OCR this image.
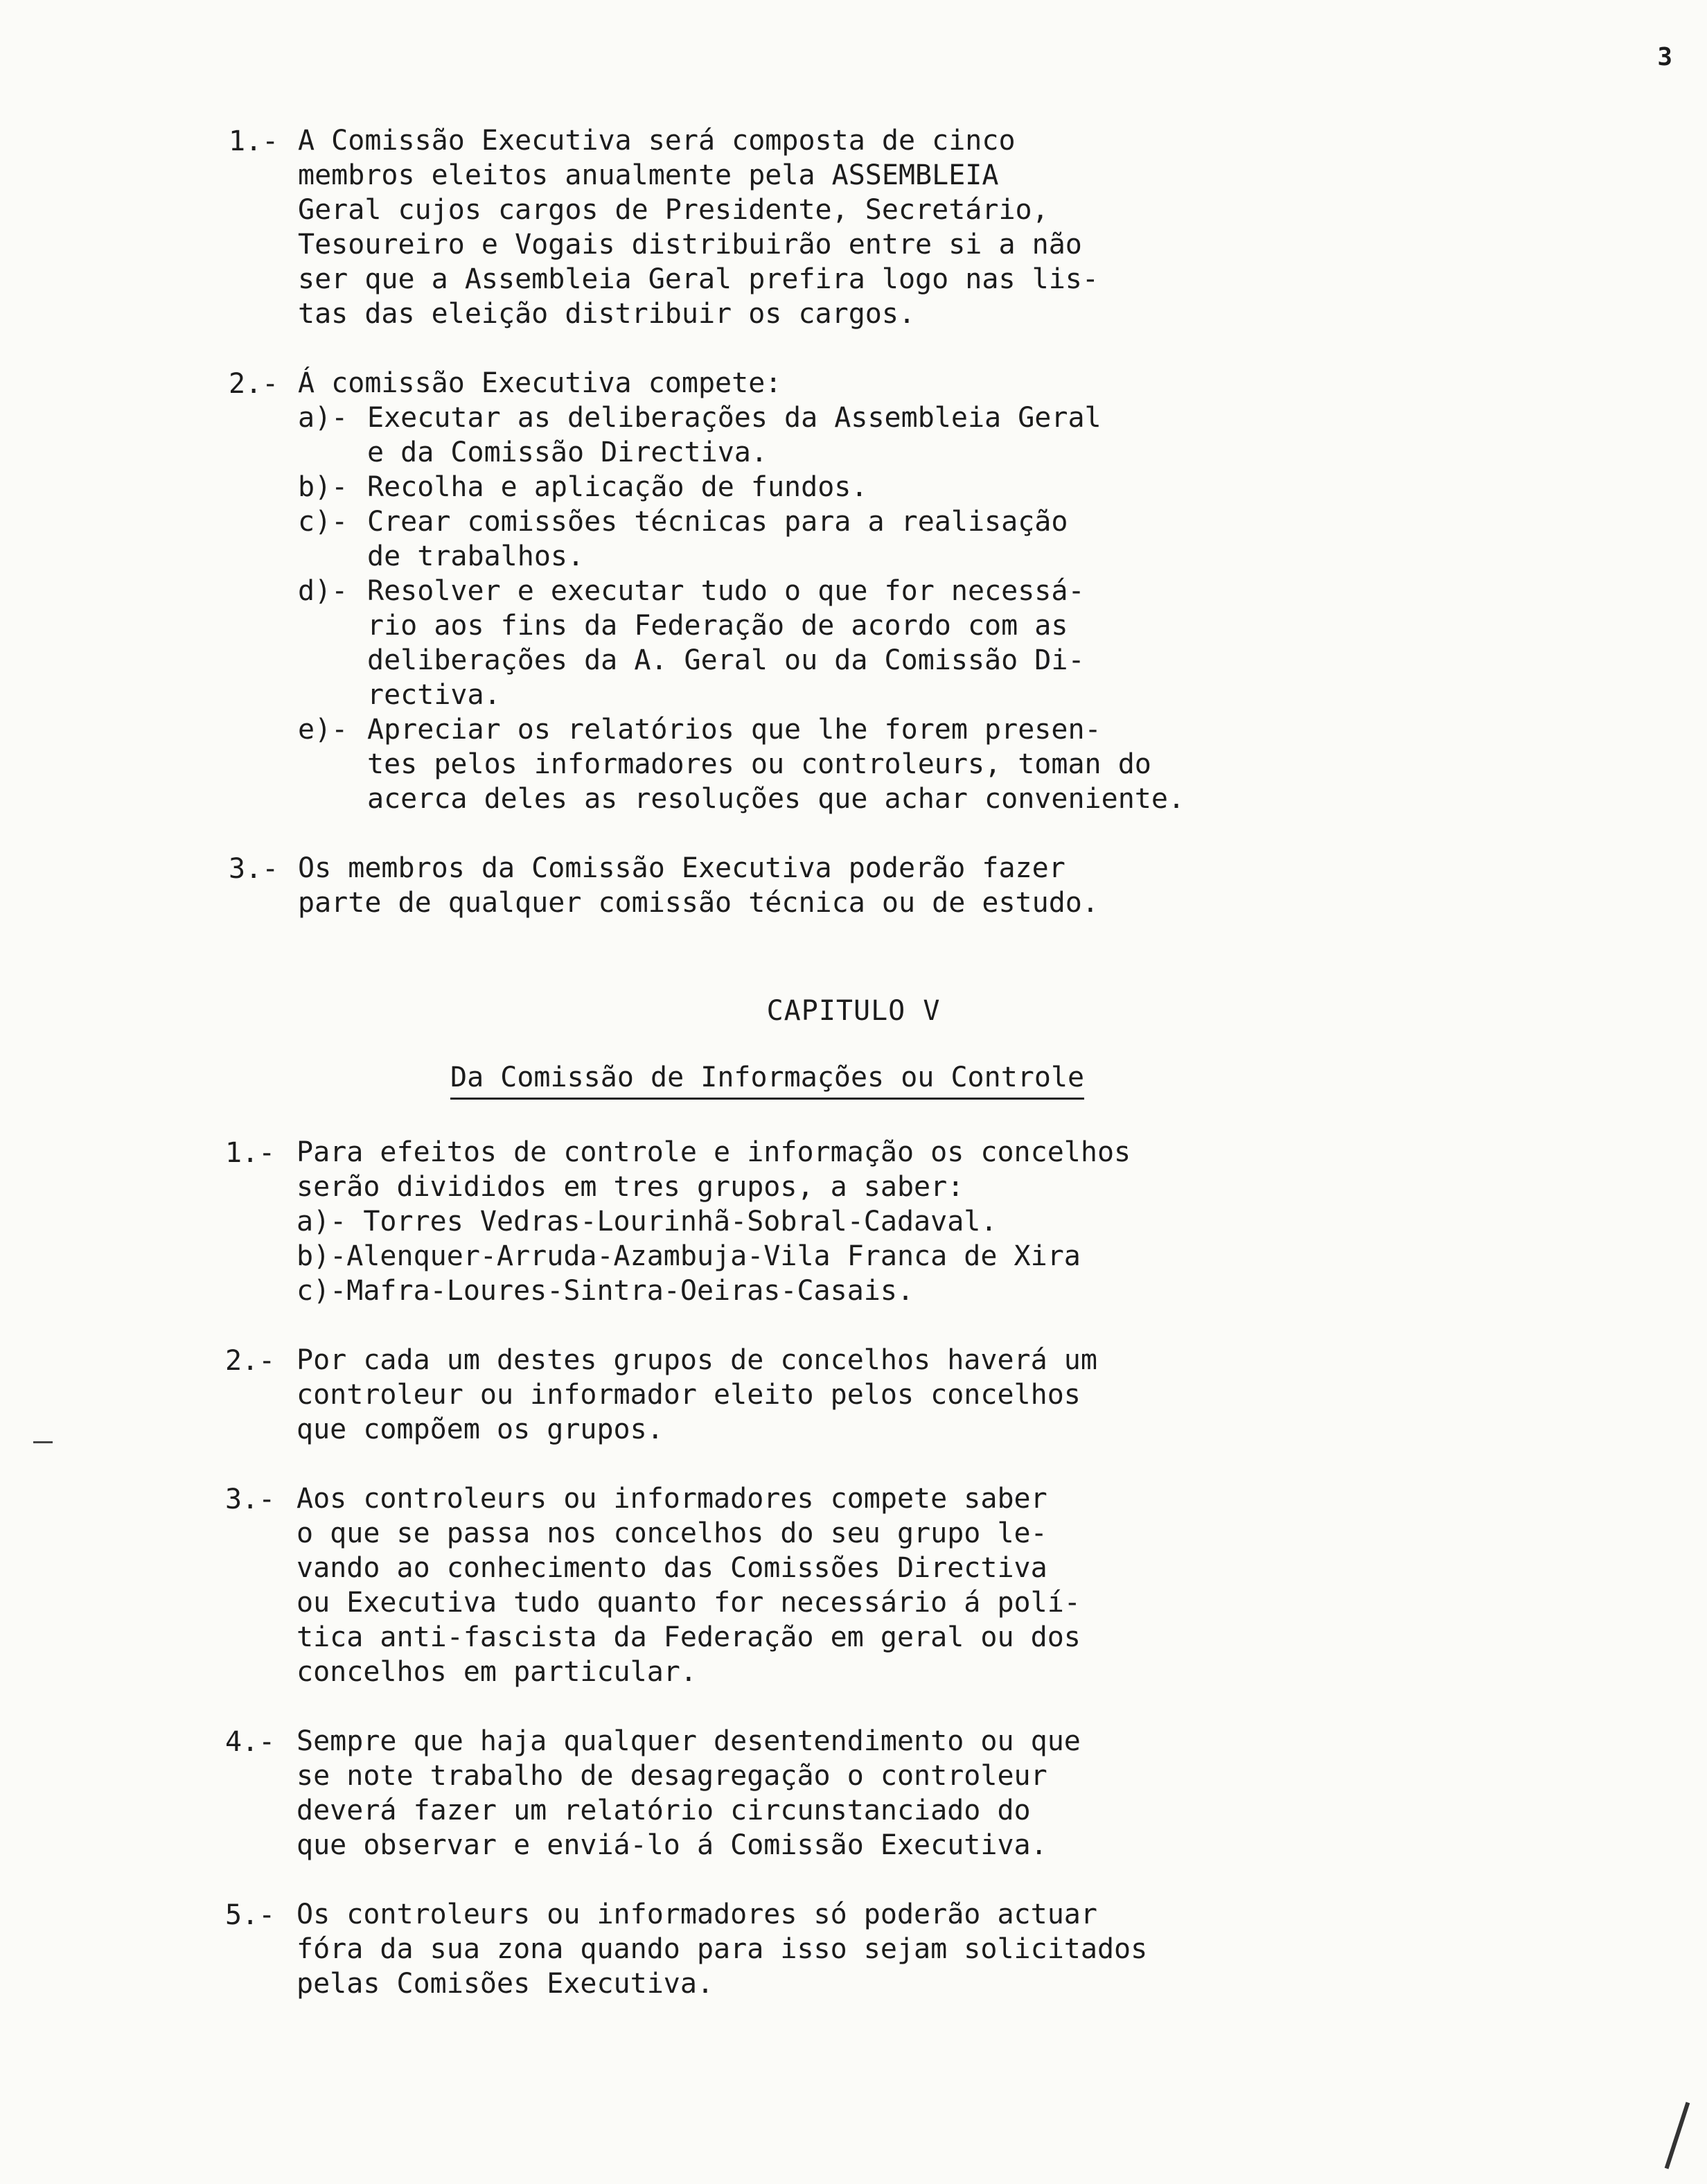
3
1.- A Comissão Executiva será composta de cinco
membros eleitos anualmente pela ASSEMBLEIA
Geral cujos cargos de Presidente, Secretário,
Tesoureiro e Vogais distribuirão entre si a não
ser que a Assembleia Geral prefira logo nas lis-
tas das eleição distribuir os cargos.
2.- Á comissão Executiva compete:
a)- Executar as deliberações da Assembleia Geral
e da Comissão Directiva.
b)- Recolha e aplicação de fundos.
c)- Crear comissões técnicas para a realisação
de trabalhos.
d)- Resolver e executar tudo o que for necessá-
rio aos fins da Federação de acordo com as
deliberações da A. Geral ou da Comissão Di-
rectiva.
e)- Apreciar os relatórios que lhe forem presen-
tes pelos informadores ou controleurs, toman do
acerca deles as resoluções que achar conveniente.
3.- Os membros da Comissão Executiva poderão fazer
parte de qualquer comissão técnica ou de estudo.
CAPITULO V
Da Comissão de Informações ou Controle
1.- Para efeitos de controle e informação os concelhos
serão divididos em tres grupos, a saber:
a)- Torres Vedras-Lourinhã-Sobral-Cadaval.
b)-Alenquer-Arruda-Azambuja-Vila Franca de Xira
c)-Mafra-Loures-Sintra-Oeiras-Casais.
2.- Por cada um destes grupos de concelhos haverá um
controleur ou informador eleito pelos concelhos
que compõem os grupos.
3.- Aos controleurs ou informadores compete saber
o que se passa nos concelhos do seu grupo le-
vando ao conhecimento das Comissões Directiva
ou Executiva tudo quanto for necessário á polí-
tica anti-fascista da Federação em geral ou dos
concelhos em particular.
4.- Sempre que haja qualquer desentendimento ou que
se note trabalho de desagregação o controleur
deverá fazer um relatório circunstanciado do
que observar e enviá-lo á Comissão Executiva.
5.- Os controleurs ou informadores só poderão actuar
fóra da sua zona quando para isso sejam solicitados
pelas Comisões Executiva.
